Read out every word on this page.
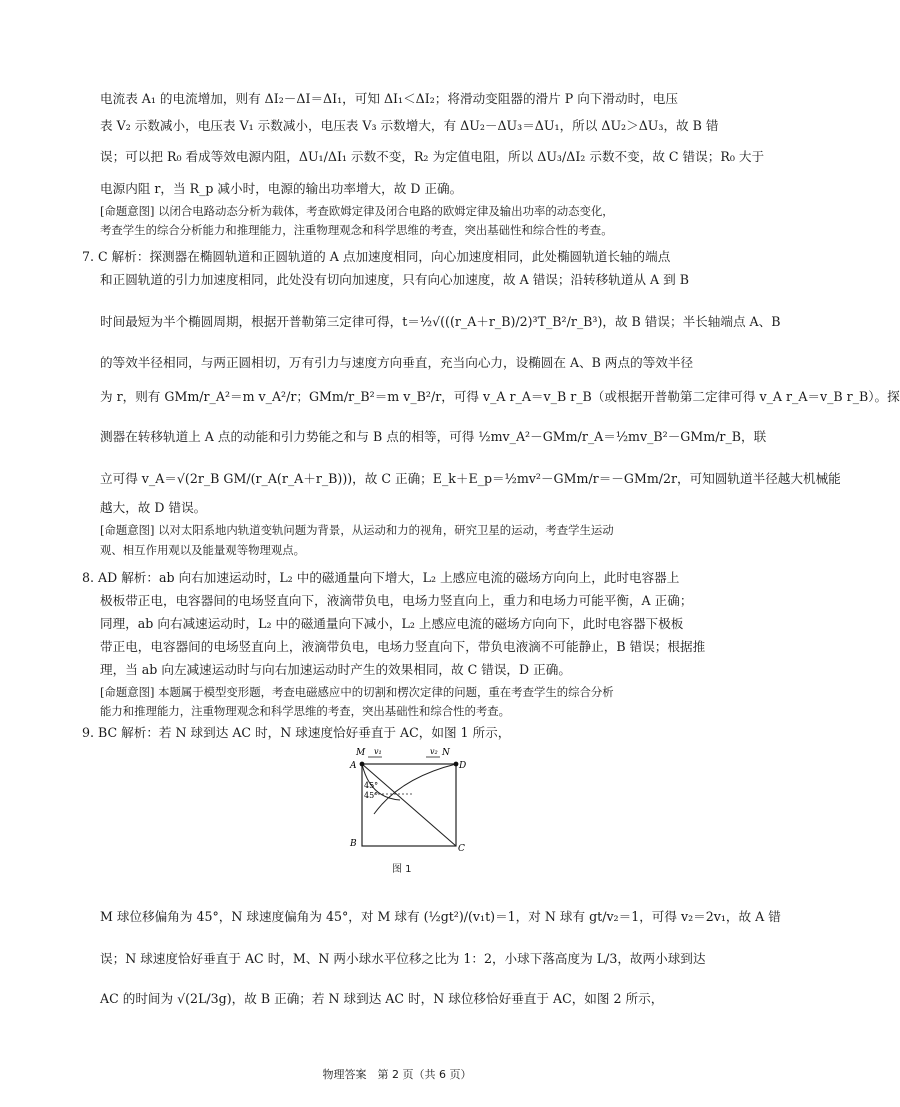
电流表 A₁ 的电流增加，则有 ΔI₂－ΔI＝ΔI₁，可知 ΔI₁＜ΔI₂；将滑动变阻器的滑片 P 向下滑动时，电压
表 V₂ 示数减小，电压表 V₁ 示数减小，电压表 V₃ 示数增大，有 ΔU₂－ΔU₃＝ΔU₁，所以 ΔU₂＞ΔU₃，故 B 错
误；可以把 R₀ 看成等效电源内阻，ΔU₁/ΔI₁ 示数不变，R₂ 为定值电阻，所以 ΔU₃/ΔI₂ 示数不变，故 C 错误；R₀ 大于
电源内阻 r，当 R_p 减小时，电源的输出功率增大，故 D 正确。
[命题意图] 以闭合电路动态分析为载体，考查欧姆定律及闭合电路的欧姆定律及输出功率的动态变化，
考查学生的综合分析能力和推理能力，注重物理观念和科学思维的考查，突出基础性和综合性的考查。
7. C 解析：探测器在椭圆轨道和正圆轨道的 A 点加速度相同，向心加速度相同，此处椭圆轨道长轴的端点
和正圆轨道的引力加速度相同，此处没有切向加速度，只有向心加速度，故 A 错误；沿转移轨道从 A 到 B
时间最短为半个椭圆周期，根据开普勒第三定律可得，t＝½√(((r_A＋r_B)/2)³T_B²/r_B³)，故 B 错误；半长轴端点 A、B
的等效半径相同，与两正圆相切，万有引力与速度方向垂直，充当向心力，设椭圆在 A、B 两点的等效半径
为 r，则有 GMm/r_A²＝m v_A²/r；GMm/r_B²＝m v_B²/r，可得 v_A r_A＝v_B r_B（或根据开普勒第二定律可得 v_A r_A＝v_B r_B）。探
测器在转移轨道上 A 点的动能和引力势能之和与 B 点的相等，可得 ½mv_A²－GMm/r_A＝½mv_B²－GMm/r_B，联
立可得 v_A＝√(2r_B GM/(r_A(r_A＋r_B)))，故 C 正确；E_k＋E_p＝½mv²－GMm/r＝－GMm/2r，可知圆轨道半径越大机械能
越大，故 D 错误。
[命题意图] 以对太阳系地内轨道变轨问题为背景，从运动和力的视角，研究卫星的运动，考查学生运动
观、相互作用观以及能量观等物理观点。
8. AD 解析：ab 向右加速运动时，L₂ 中的磁通量向下增大，L₂ 上感应电流的磁场方向向上，此时电容器上
极板带正电，电容器间的电场竖直向下，液滴带负电，电场力竖直向上，重力和电场力可能平衡，A 正确；
同理，ab 向右减速运动时，L₂ 中的磁通量向下减小，L₂ 上感应电流的磁场方向向下，此时电容器下极板
带正电，电容器间的电场竖直向上，液滴带负电，电场力竖直向下，带负电液滴不可能静止，B 错误；根据推
理，当 ab 向左减速运动时与向右加速运动时产生的效果相同，故 C 错误，D 正确。
[命题意图] 本题属于模型变形题，考查电磁感应中的切割和楞次定律的问题，重在考查学生的综合分析
能力和推理能力，注重物理观念和科学思维的考查，突出基础性和综合性的考查。
9. BC 解析：若 N 球到达 AC 时，N 球速度恰好垂直于 AC，如图 1 所示，
M v₁	v₂ N
A	D
B	C
45°
45°
图 1
M 球位移偏角为 45°，N 球速度偏角为 45°，对 M 球有 (½gt²)/(v₁t)＝1，对 N 球有 gt/v₂＝1，可得 v₂＝2v₁，故 A 错
误；N 球速度恰好垂直于 AC 时，M、N 两小球水平位移之比为 1：2，小球下落高度为 L/3，故两小球到达
AC 的时间为 √(2L/3g)，故 B 正确；若 N 球到达 AC 时，N 球位移恰好垂直于 AC，如图 2 所示，
物理答案　第 2 页（共 6 页）
